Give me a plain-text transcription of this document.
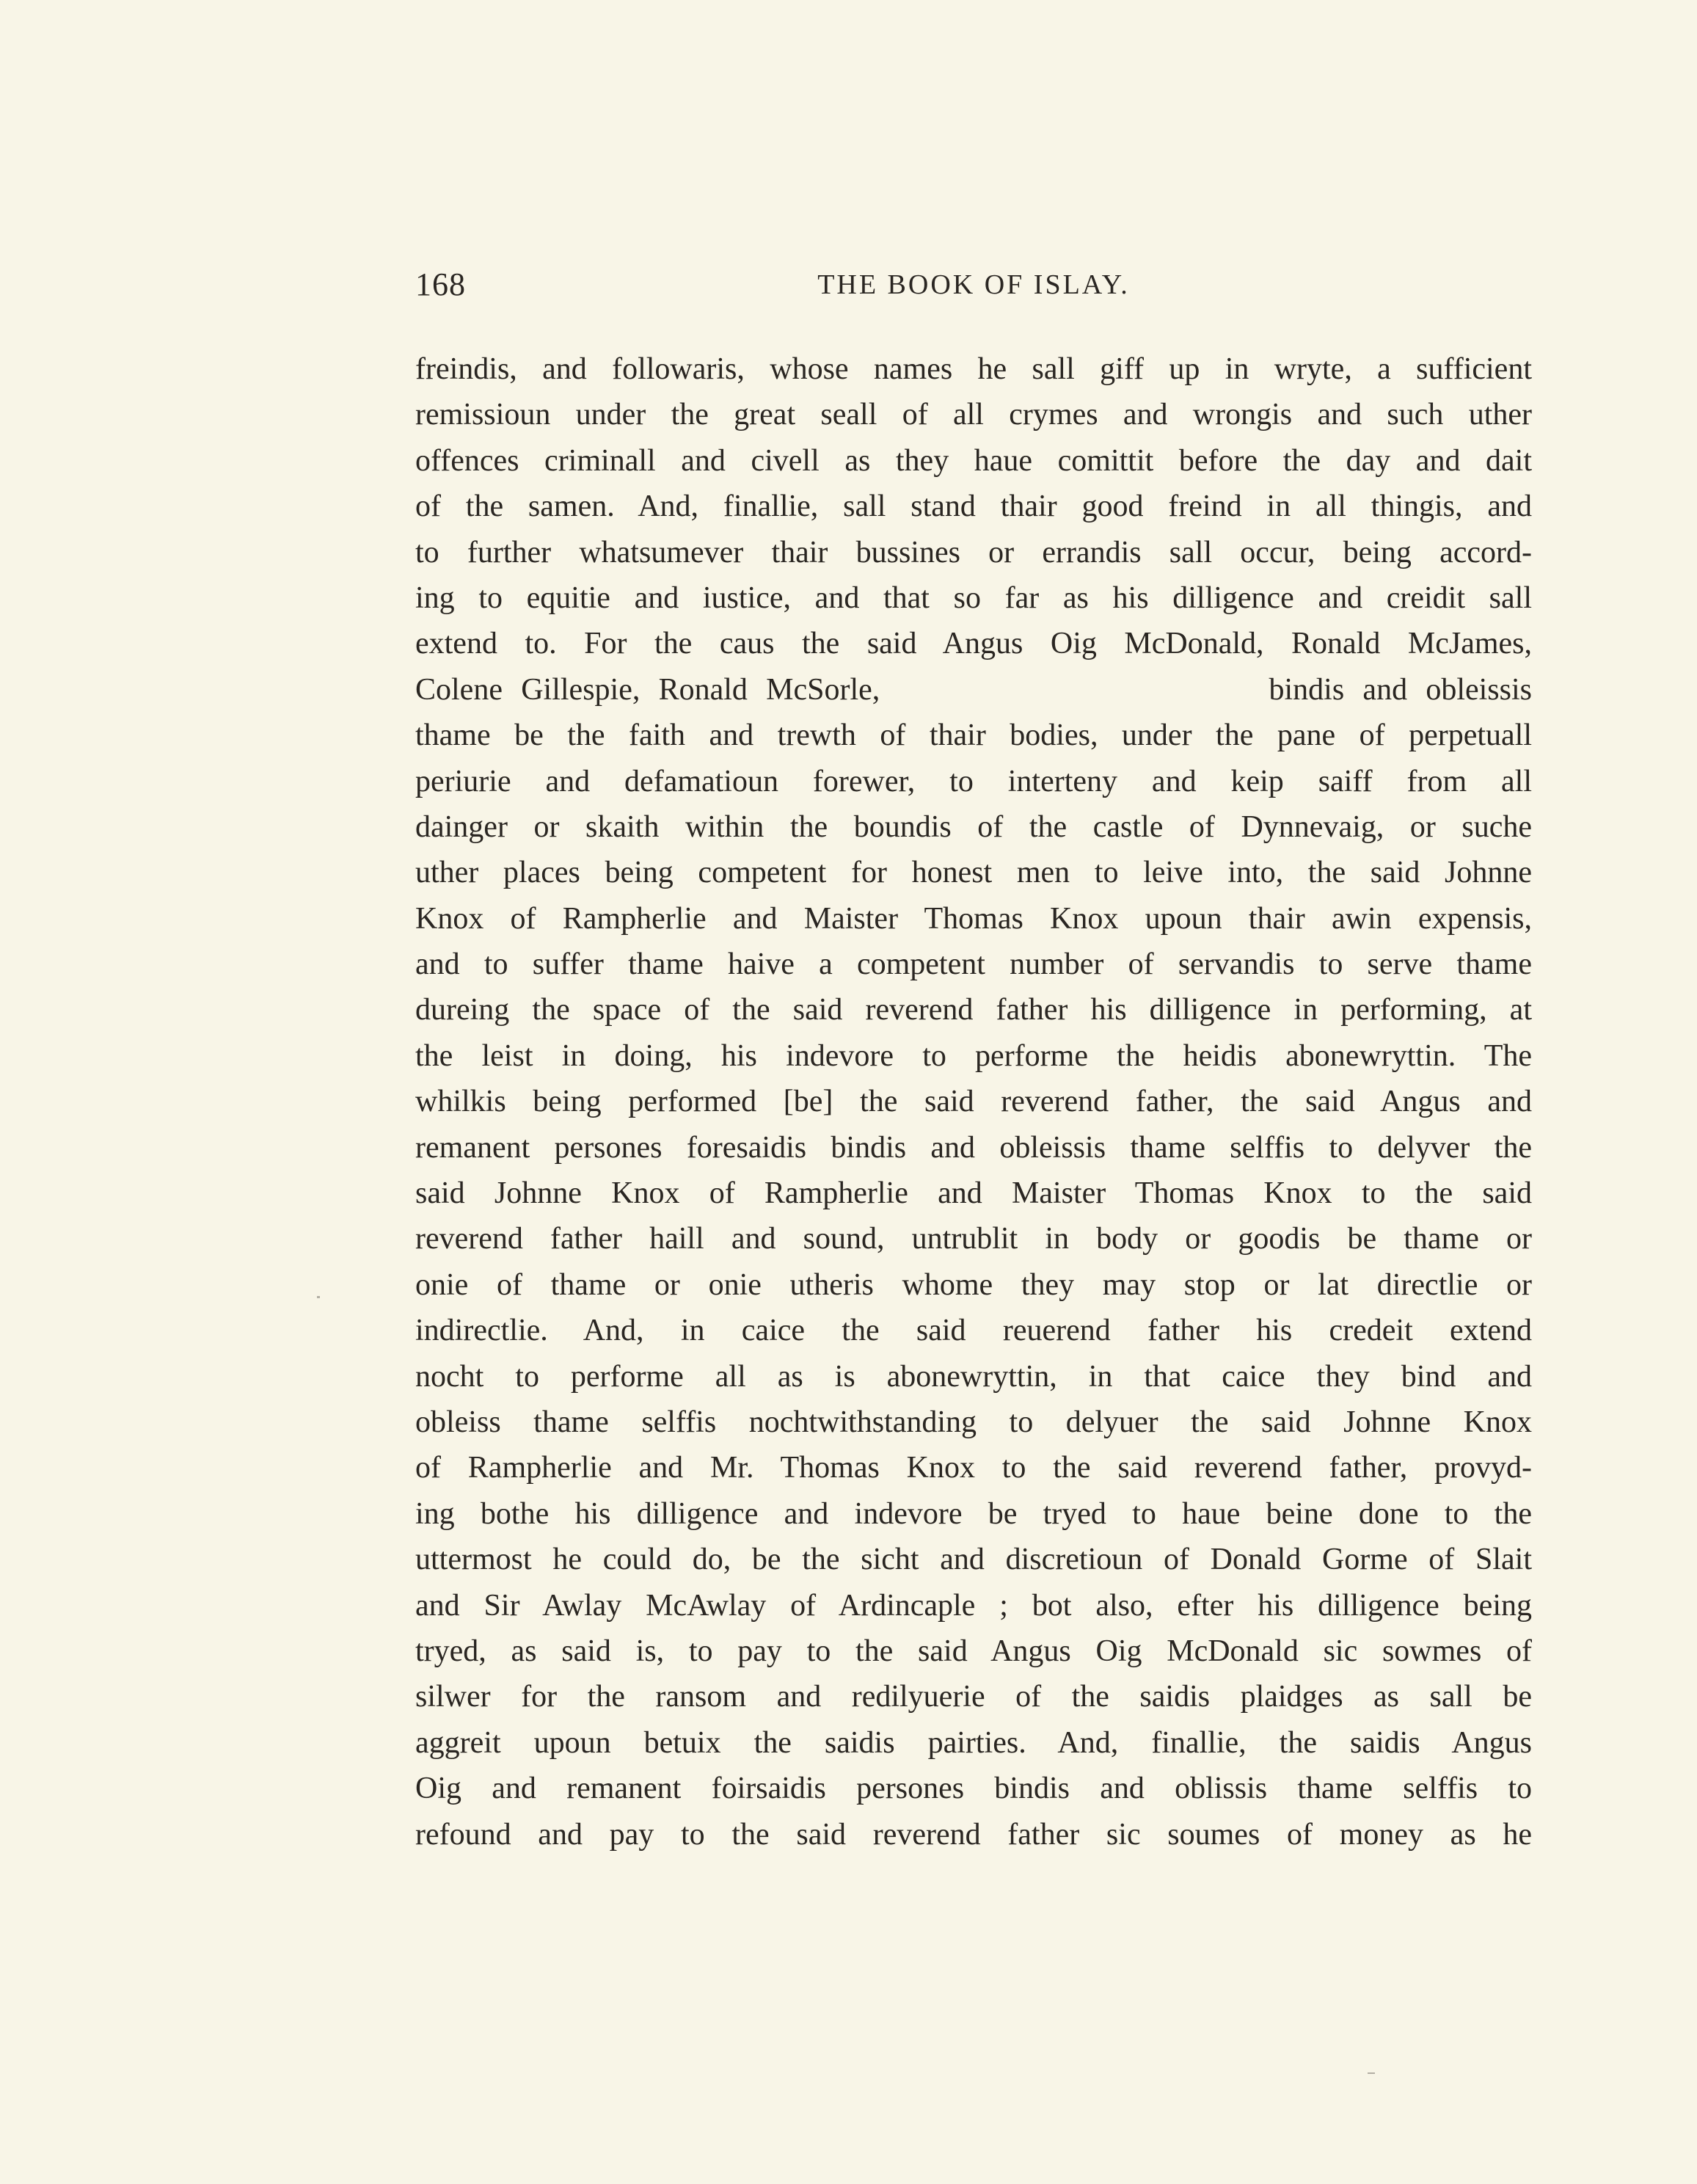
168	THE BOOK OF ISLAY.
freindis, and followaris, whose names he sall giff up in wryte, a sufficient
remissioun under the great seall of all crymes and wrongis and such uther
offences criminall and civell as they haue comittit before the day and dait
of the samen. And, finallie, sall stand thair good freind in all thingis, and
to further whatsumever thair bussines or errandis sall occur, being accord-
ing to equitie and iustice, and that so far as his dilligence and creidit sall
extend to. For the caus the said Angus Oig McDonald, Ronald McJames,
Colene Gillespie, Ronald McSorle,                     bindis and obleissis
thame be the faith and trewth of thair bodies, under the pane of perpetuall
periurie and defamatioun forewer, to interteny and keip saiff from all
dainger or skaith within the boundis of the castle of Dynnevaig, or suche
uther places being competent for honest men to leive into, the said Johnne
Knox of Rampherlie and Maister Thomas Knox upoun thair awin expensis,
and to suffer thame haive a competent number of servandis to serve thame
dureing the space of the said reverend father his dilligence in performing, at
the leist in doing, his indevore to performe the heidis abonewryttin. The
whilkis being performed [be] the said reverend father, the said Angus and
remanent persones foresaidis bindis and obleissis thame selffis to delyver the
said Johnne Knox of Rampherlie and Maister Thomas Knox to the said
reverend father haill and sound, untrublit in body or goodis be thame or
onie of thame or onie utheris whome they may stop or lat directlie or
indirectlie. And, in caice the said reuerend father his credeit extend
nocht to performe all as is abonewryttin, in that caice they bind and
obleiss thame selffis nochtwithstanding to delyuer the said Johnne Knox
of Rampherlie and Mr. Thomas Knox to the said reverend father, provyd-
ing bothe his dilligence and indevore be tryed to haue beine done to the
uttermost he could do, be the sicht and discretioun of Donald Gorme of Slait
and Sir Awlay McAwlay of Ardincaple ; bot also, efter his dilligence being
tryed, as said is, to pay to the said Angus Oig McDonald sic sowmes of
silwer for the ransom and redilyuerie of the saidis plaidges as sall be
aggreit upoun betuix the saidis pairties. And, finallie, the saidis Angus
Oig and remanent foirsaidis persones bindis and oblissis thame selffis to
refound and pay to the said reverend father sic soumes of money as he
